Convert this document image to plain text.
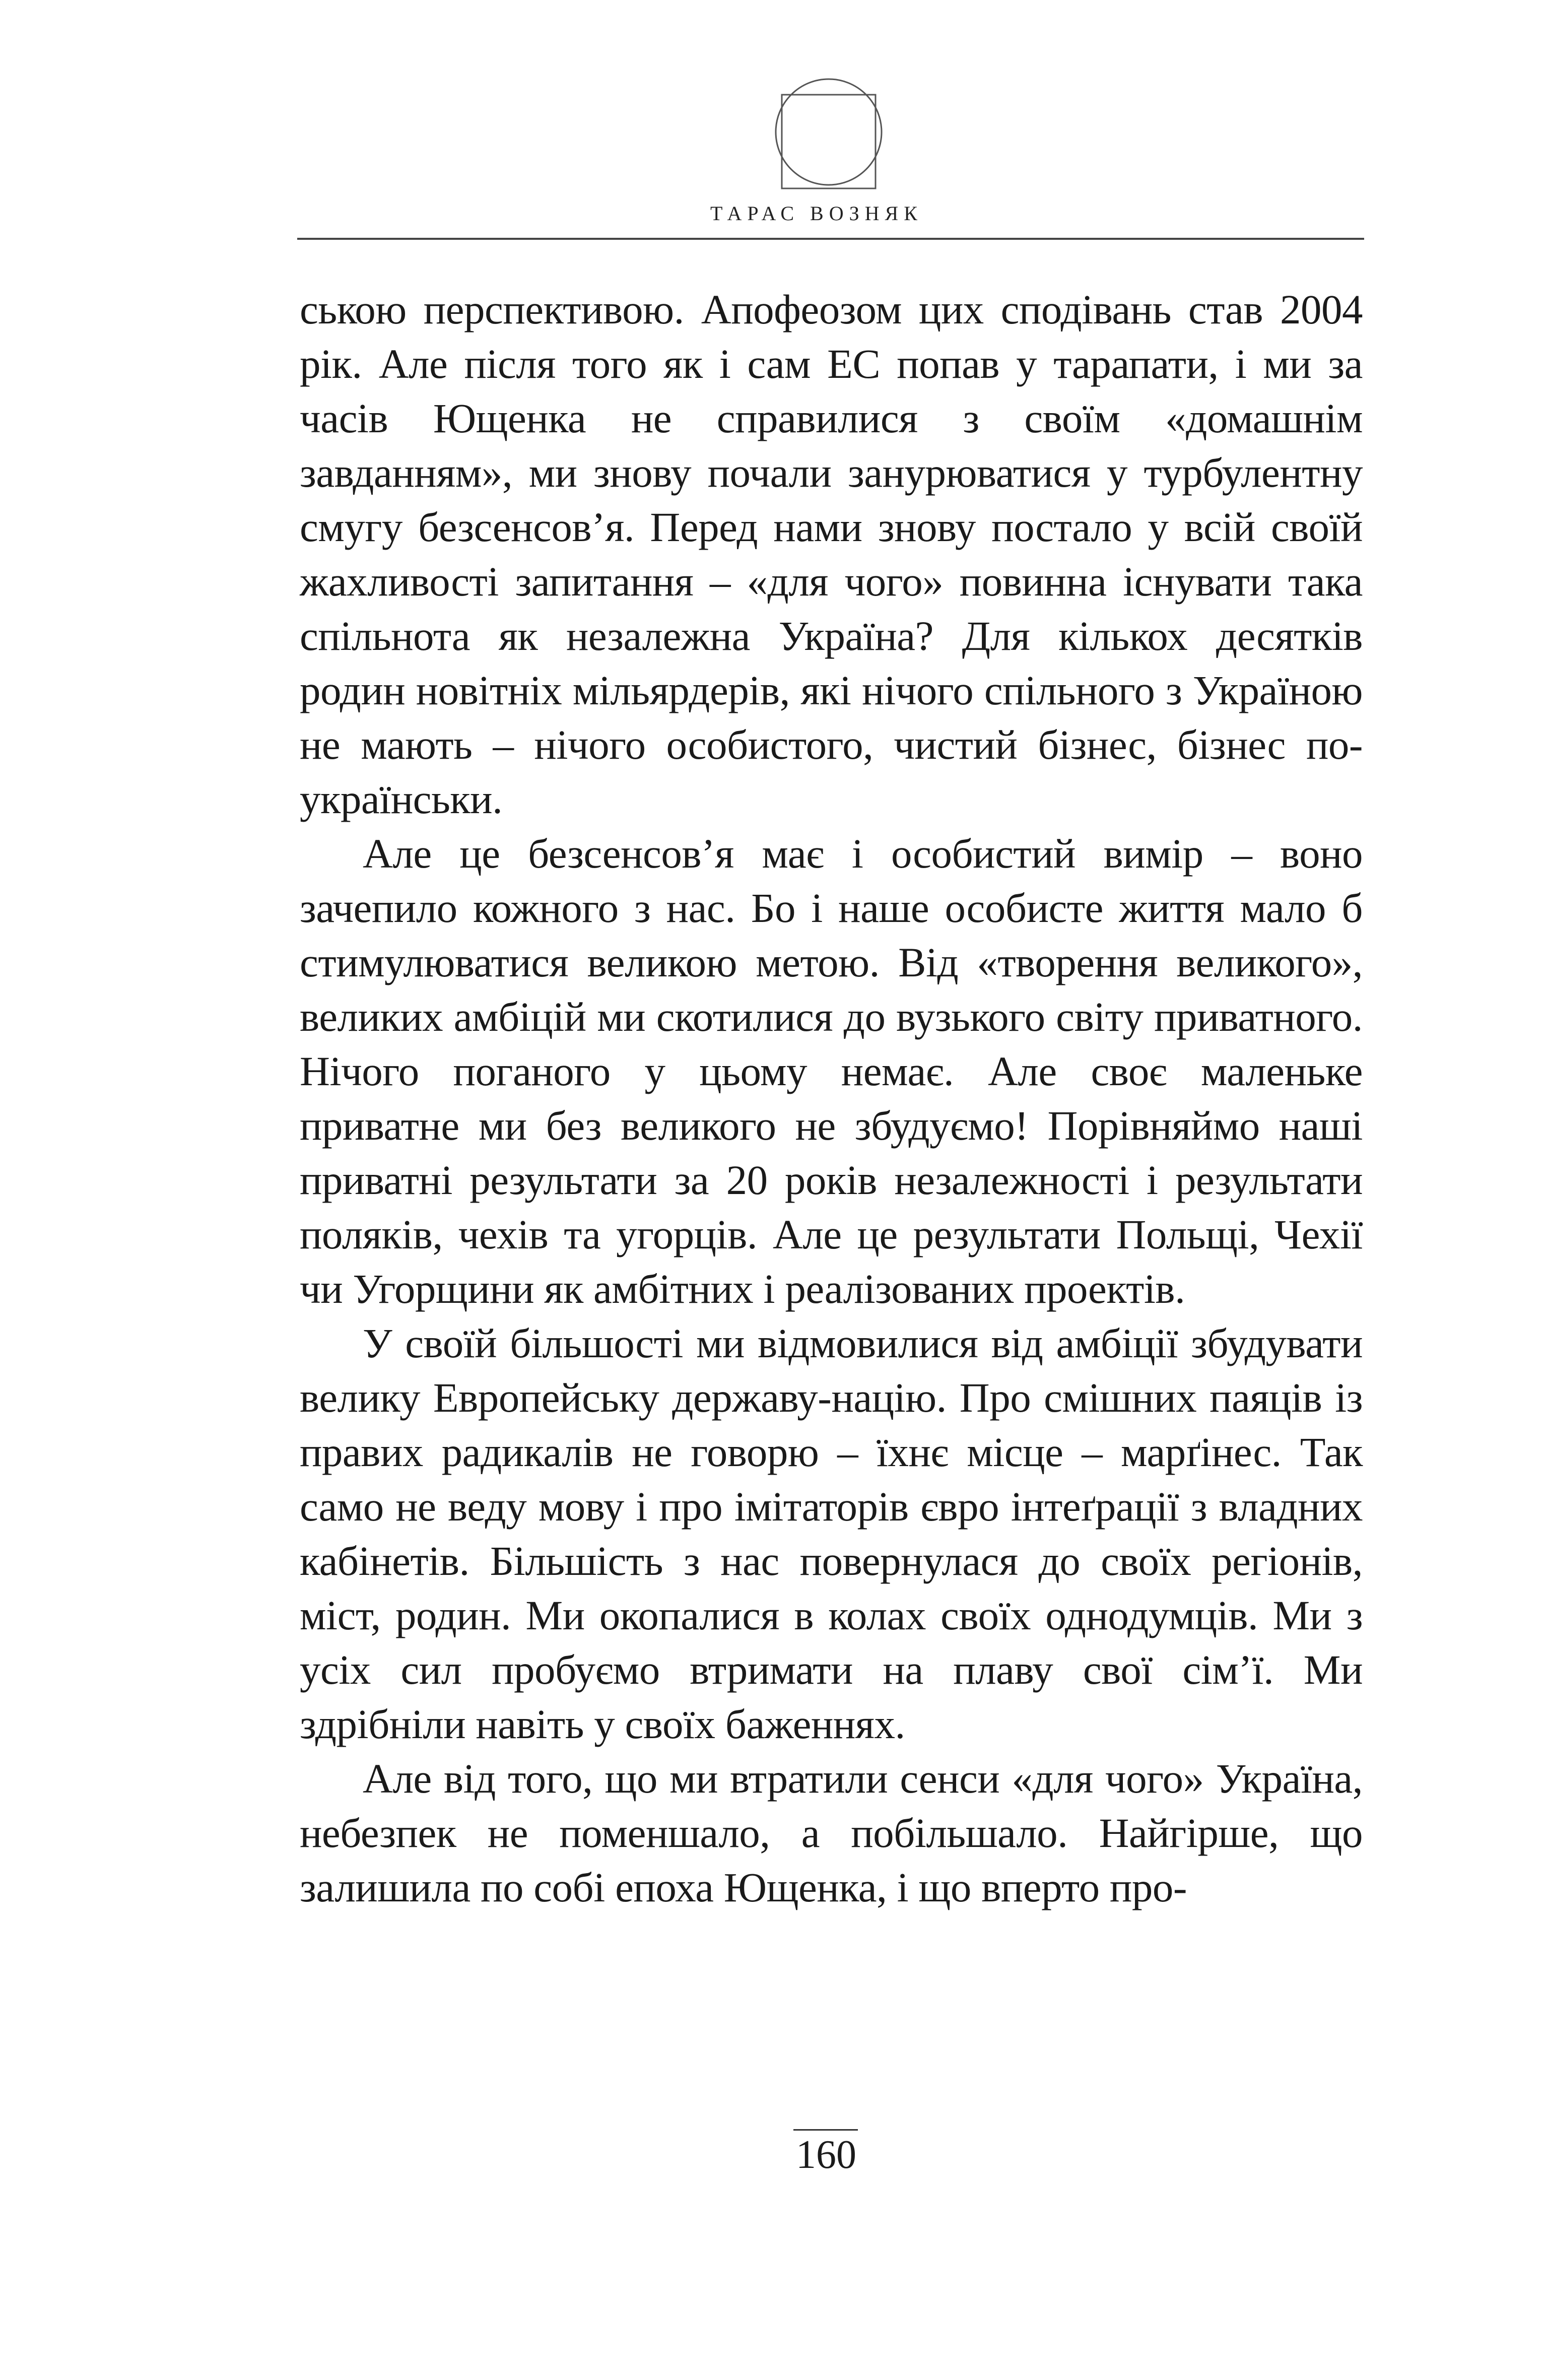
ТАРАС ВОЗНЯК

ською перспективою. Апофеозом цих сподівань став 2004 рік. Але після того як і сам ЕС попав у тарапати, і ми за часів Ющенка не справилися з своїм «домашнім завданням», ми знову почали занурюватися у турбулентну смугу безсенсов’я. Перед нами знову постало у всій своїй жахливості запитання – «для чого» повинна існувати така спільнота як незалежна Україна? Для кількох десятків родин новітніх мільярдерів, які нічого спільного з Україною не мають – нічого особистого, чистий бізнес, бізнес по-українськи.

Але це безсенсов’я має і особистий вимір – воно зачепило кожного з нас. Бо і наше особисте життя мало б стимулюватися великою метою. Від «творення великого», великих амбіцій ми скотилися до вузького світу приватного. Нічого поганого у цьому немає. Але своє маленьке приватне ми без великого не збудуємо! Порівняймо наші приватні результати за 20 років незалежності і результати поляків, чехів та угорців. Але це результати Польщі, Чехії чи Угорщини як амбітних і реалізованих проектів.

У своїй більшості ми відмовилися від амбіції збудувати велику Европейську державу-націю. Про смішних паяців із правих радикалів не говорю – їхнє місце – марґінес. Так само не веду мову і про імітаторів євро інтеґрації з владних кабінетів. Більшість з нас повернулася до своїх регіонів, міст, родин. Ми окопалися в колах своїх однодумців. Ми з усіх сил пробуємо втримати на плаву свої сім’ї. Ми здрібніли навіть у своїх баженнях.

Але від того, що ми втратили сенси «для чого» Україна, небезпек не поменшало, а побільшало. Найгірше, що залишила по собі епоха Ющенка, і що вперто про-

160
